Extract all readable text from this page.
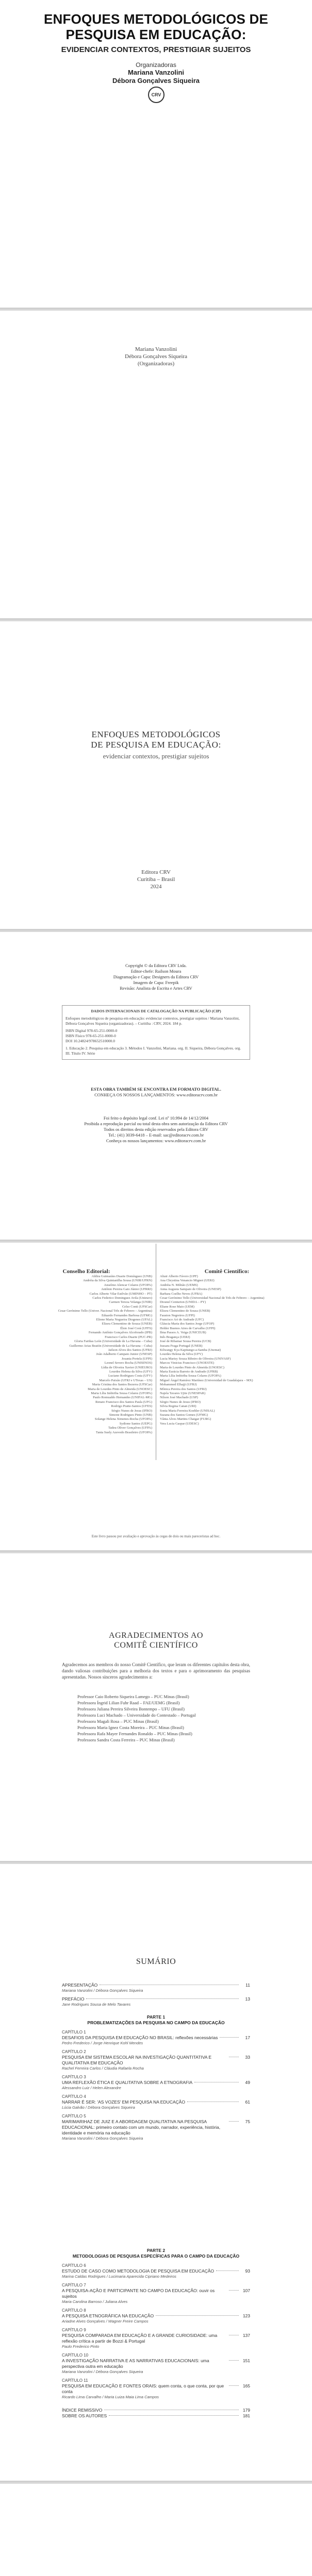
ENFOQUES METODOLÓGICOS DE PESQUISA EM EDUCAÇÃO:
EVIDENCIAR CONTEXTOS, PRESTIGIAR SUJEITOS
Organizadoras
Mariana Vanzolini
Débora Gonçalves Siqueira
CRV
Mariana Vanzolini
Débora Gonçalves Siqueira
(Organizadoras)
ENFOQUES METODOLÓGICOS
DE PESQUISA EM EDUCAÇÃO:
evidenciar contextos, prestigiar sujeitos
Editora CRV
Curitiba – Brasil
2024
Copyright © da Editora CRV Ltda.
Editor-chefe: Railson Moura
Diagramação e Capa: Designers da Editora CRV
Imagem de Capa: Freepik
Revisão: Analista de Escrita e Artes CRV
DADOS INTERNACIONAIS DE CATALOGAÇÃO NA PUBLICAÇÃO (CIP)
Enfoques metodológicos de pesquisa em educação: evidenciar contextos, prestigiar sujeitos / Mariana Vanzolini, Débora Gonçalves Siqueira (organizadoras). – Curitiba : CRV, 2024. 184 p.
ISBN Digital 978-65-251-0000-0
ISBN Físico 978-65-251-0000-0
DOI 10.24824/978652510000.0
1. Educação 2. Pesquisa em educação 3. Métodos I. Vanzolini, Mariana. org. II. Siqueira, Débora Gonçalves. org. III. Título IV. Série
ESTA OBRA TAMBÉM SE ENCONTRA EM FORMATO DIGITAL.
CONHEÇA OS NOSSOS LANÇAMENTOS: www.editoracrv.com.br
Foi feito o depósito legal conf. Lei nº 10.994 de 14/12/2004
Proibida a reprodução parcial ou total desta obra sem autorização da Editora CRV
Todos os direitos desta edição reservados pela Editora CRV
Tel.: (41) 3039-6418 – E-mail: sac@editoracrv.com.br
Conheça os nossos lançamentos: www.editoracrv.com.br
Conselho Editorial:
Aldira Guimarães Duarte Domínguez (UNB)
Andréia da Silva Quintanilha Sousa (UNIR/UFRN)
Anselmo Alencar Colares (UFOPA)
Antônio Pereira Gaio Júnior (UFRRJ)
Carlos Alberto Vilar Estêvão (UMINHO – PT)
Carlos Federico Dominguez Avila (Unieuro)
Carmen Tereza Velanga (UNIR)
Celso Conti (UFSCar)
Cesar Gerónimo Tello (Univer. Nacional Três de Febrero – Argentina)
Eduardo Fernandes Barbosa (UFMG)
Elione Maria Nogueira Diogenes (UFAL)
Elizeu Clementino de Souza (UNEB)
Élsio José Corá (UFFS)
Fernando Antônio Gonçalves Alcoforado (IPB)
Francisco Carlos Duarte (PUC-PR)
Gloria Fariñas León (Universidade de La Havana – Cuba)
Guillermo Arias Beatón (Universidade de La Havana – Cuba)
Jailson Alves dos Santos (UFRJ)
João Adalberto Campato Junior (UNESP)
Josania Portela (UFPI)
Leonel Severo Rocha (UNISINOS)
Lídia de Oliveira Xavier (UNIEURO)
Lourdes Helena da Silva (UFV)
Luciano Rodrigues Costa (UFV)
Marcelo Paixão (UFRJ e UTexas – US)
Maria Cristina dos Santos Bezerra (UFSCar)
Maria de Lourdes Pinto de Almeida (UNOESC)
Maria Lília Imbiriba Sousa Colares (UFOPA)
Paulo Romualdo Hernandes (UNIFAL-MG)
Renato Francisco dos Santos Paula (UFG)
Rodrigo Pratte-Santos (UFES)
Sérgio Nunes de Jesus (IFRO)
Simone Rodrigues Pinto (UNB)
Solange Helena Ximenes-Rocha (UFOPA)
Sydione Santos (UEPG)
Tadeu Oliver Gonçalves (UFPA)
Tania Suely Azevedo Brasileiro (UFOPA)
Comitê Científico:
Altair Alberto Fávero (UPF)
Ana Chrystina Venancio Mignot (UERJ)
Andréia N. Militão (UEMS)
Anna Augusta Sampaio de Oliveira (UNESP)
Barbara Coelho Neves (UFBA)
Cesar Gerónimo Tello (Universidad Nacional de Três de Febrero – Argentina)
Diosnel Centurion (UNIDA – PY)
Eliane Rose Maio (UEM)
Elizeu Clementino de Souza (UNEB)
Fauston Negreiros (UFPI)
Francisco Ari de Andrade (UFC)
Gláucia Maria dos Santos Jorge (UFOP)
Helder Buenos Aires de Carvalho (UFPI)
Ilma Passos A. Veiga (UNICEUB)
Inês Bragança (UERJ)
José de Ribamar Sousa Pereira (UCB)
Jussara Fraga Portugal (UNEB)
Kilwangy Kya Kapitango-a-Samba (Unemat)
Lourdes Helena da Silva (UFV)
Lucia Marisy Souza Ribeiro de Oliveira (UNIVASF)
Marcos Vinicius Francisco (UNOESTE)
Maria de Lourdes Pinto de Almeida (UNOESC)
Maria Eurácia Barreto de Andrade (UFRB)
Maria Lília Imbiriba Sousa Colares (UFOPA)
Míguel Ángel Ramírez Martínez (Universidad de Guadalajara – MX)
Mohammed Elhajji (UFRJ)
Mônica Pereira dos Santos (UFRJ)
Najela Tavares Ujiie (UNESPAR)
Nilson José Machado (USP)
Sérgio Nunes de Jesus (IFRO)
Silvia Regina Canan (URI)
Sonia Maria Ferreira Koehler (UNISAL)
Suzana dos Santos Gomes (UFMG)
Vânia Alves Martins Chaigar (FURG)
Vera Lucia Gaspar (UDESC)
Este livro passou por avaliação e aprovação às cegas de dois ou mais pareceristas ad hoc.
AGRADECIMENTOS AO
COMITÊ CIENTÍFICO

Agradecemos aos membros do nosso Comitê Científico, que leram os diferentes capítulos desta obra, dando valiosas contribuições para a melhoria dos textos e para o aprimoramento das pesquisas apresentadas. Nossos sinceros agradecimentos a:

Professor Caio Roberto Siqueira Lamego – PUC Minas (Brasil)
Professora Íngrid Lilian Fuhr Raad – FAE/UEMG (Brasil)
Professora Juliana Pereira Silveira Bontempo – UFU (Brasil)
Professora Luci Machado – Universidade do Contestado – Portugal
Professora Magali Rosa – PUC Minas (Brasil)
Professora Maria Ignez Costa Moreira – PUC Minas (Brasil)
Professora Rafa Mayer Fernandes Ronaldo – PUC Minas (Brasil)
Professora Sandra Costa Ferreira – PUC Minas (Brasil)
SUMÁRIO
APRESENTAÇÃO	11
Mariana Vanzolini / Débora Gonçalves Siqueira
PREFÁCIO	13
Jane Rodrigues Sousa de Melo Tavares
PARTE 1
PROBLEMATIZAÇÕES DA PESQUISA NO CAMPO DA EDUCAÇÃO
CAPÍTULO 1
DESAFIOS DA PESQUISA EM EDUCAÇÃO NO BRASIL: reflexões necessárias	17
Pedro Frederico / Jorge Henrique Kohl Mendes
CAPÍTULO 2
PESQUISA EM SISTEMA ESCOLAR NA INVESTIGAÇÃO QUANTITATIVA E QUALITATIVA EM EDUCAÇÃO
33
Rachel Ferreira Carlos / Cláudia Rafaela Rocha
CAPÍTULO 3
UMA REFLEXÃO ÉTICA E QUALITATIVA SOBRE A ETNOGRAFIA	49
Alessandro Luiz / Helen Alexandre
CAPÍTULO 4
NARRAR É SER: 'AS VOZES' EM PESQUISA NA EDUCAÇÃO	61
Lúcia Galvão / Débora Gonçalves Siqueira
CAPÍTULO 5
MARIMARIHAZ DE JUIZ E A ABORDAGEM QUALITATIVA NA PESQUISA EDUCACIONAL: primeiro contato com um mundo, narrador, experiência, história, identidade e memória na educação
75
Mariana Vanzolini / Débora Gonçalves Siqueira
PARTE 2
METODOLOGIAS DE PESQUISA ESPECÍFICAS PARA O CAMPO DA EDUCAÇÃO
CAPÍTULO 6
ESTUDO DE CASO COMO METODOLOGIA DE PESQUISA EM EDUCAÇÃO	93
Marina Caldas Rodrigues / Lucimaria Aparecida Cipriano Medeiros
CAPÍTULO 7
A PESQUISA-AÇÃO E PARTICIPANTE NO CAMPO DA EDUCAÇÃO: ouvir os sujeitos
107
Maria Carolina Barroso / Juliana Alves
CAPÍTULO 8
A PESQUISA ETNOGRÁFICA NA EDUCAÇÃO	123
Ariadne Alves Gonçalves / Wagner Freire Campos
CAPÍTULO 9
PESQUISA COMPARADA EM EDUCAÇÃO E A GRANDE CURIOSIDADE: uma reflexão crítica a partir de Bozzi & Portugal
137
Paulo Frederico Pinto
CAPÍTULO 10
A INVESTIGAÇÃO NARRATIVA E AS NARRATIVAS EDUCACIONAIS: uma perspectiva outra em educação
151
Mariana Vanzolini / Débora Gonçalves Siqueira
CAPÍTULO 11
PESQUISA EM EDUCAÇÃO E FONTES ORAIS: quem conta, o que conta, por que conta
165
Ricardo Lima Carvalho / Maria Luiza Maia Lima Campos
ÍNDICE REMISSIVO	179
SOBRE OS AUTORES	181
